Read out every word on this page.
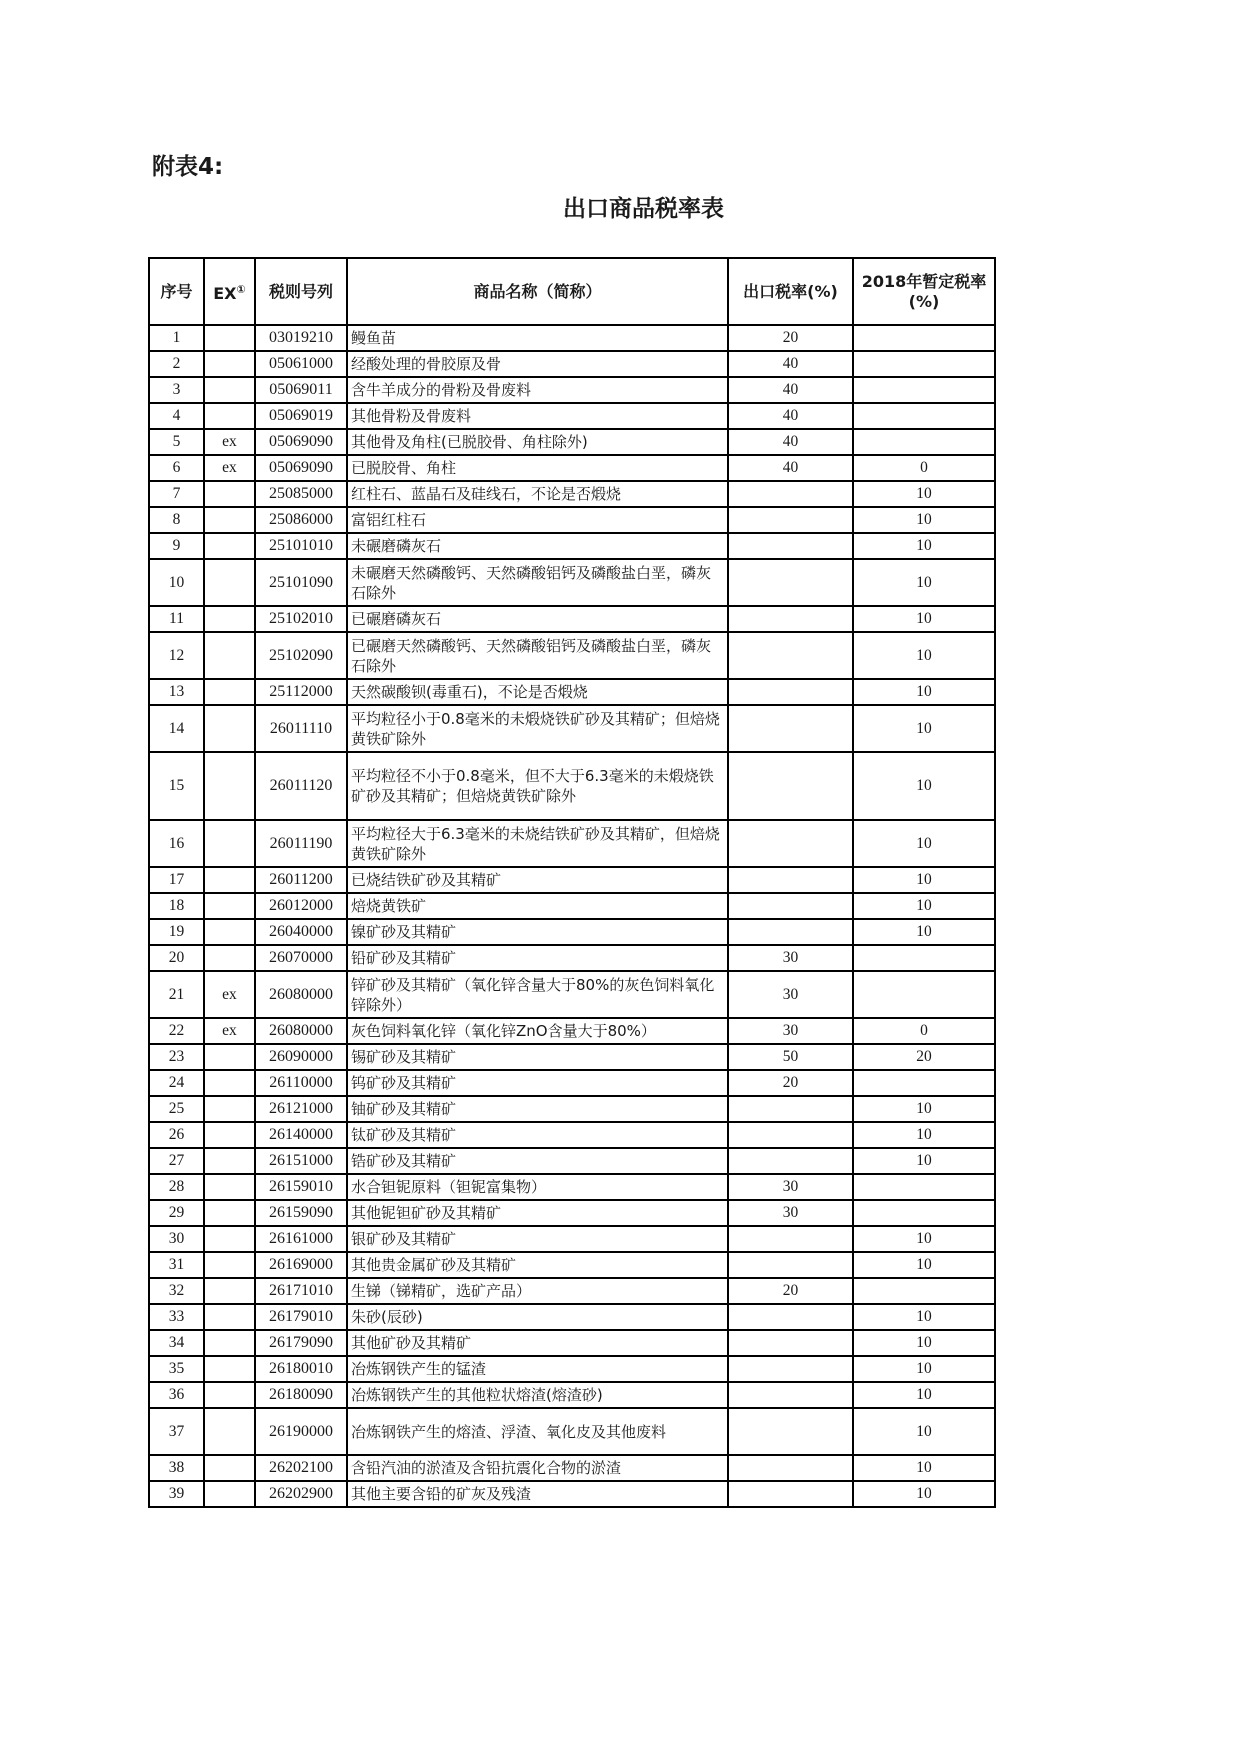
附表4:
出口商品税率表
序号	EX①	税则号列	商品名称（简称）	出口税率(%)	2018年暂定税率(%)
1		03019210	鳗鱼苗	20	
2		05061000	经酸处理的骨胶原及骨	40	
3		05069011	含牛羊成分的骨粉及骨废料	40	
4		05069019	其他骨粉及骨废料	40	
5	ex	05069090	其他骨及角柱(已脱胶骨、角柱除外)	40	
6	ex	05069090	已脱胶骨、角柱	40	0
7		25085000	红柱石、蓝晶石及硅线石，不论是否煅烧		10
8		25086000	富铝红柱石		10
9		25101010	未碾磨磷灰石		10
10		25101090	未碾磨天然磷酸钙、天然磷酸铝钙及磷酸盐白垩，磷灰石除外		10
11		25102010	已碾磨磷灰石		10
12		25102090	已碾磨天然磷酸钙、天然磷酸铝钙及磷酸盐白垩，磷灰石除外		10
13		25112000	天然碳酸钡(毒重石)，不论是否煅烧		10
14		26011110	平均粒径小于0.8毫米的未煅烧铁矿砂及其精矿；但焙烧黄铁矿除外		10
15		26011120	平均粒径不小于0.8毫米，但不大于6.3毫米的未煅烧铁矿砂及其精矿；但焙烧黄铁矿除外		10
16		26011190	平均粒径大于6.3毫米的未烧结铁矿砂及其精矿，但焙烧黄铁矿除外		10
17		26011200	已烧结铁矿砂及其精矿		10
18		26012000	焙烧黄铁矿		10
19		26040000	镍矿砂及其精矿		10
20		26070000	铅矿砂及其精矿	30	
21	ex	26080000	锌矿砂及其精矿（氧化锌含量大于80%的灰色饲料氧化锌除外）	30	
22	ex	26080000	灰色饲料氧化锌（氧化锌ZnO含量大于80%）	30	0
23		26090000	锡矿砂及其精矿	50	20
24		26110000	钨矿砂及其精矿	20	
25		26121000	铀矿砂及其精矿		10
26		26140000	钛矿砂及其精矿		10
27		26151000	锆矿砂及其精矿		10
28		26159010	水合钽铌原料（钽铌富集物）	30	
29		26159090	其他铌钽矿砂及其精矿	30	
30		26161000	银矿砂及其精矿		10
31		26169000	其他贵金属矿砂及其精矿		10
32		26171010	生锑（锑精矿，选矿产品）	20	
33		26179010	朱砂(辰砂)		10
34		26179090	其他矿砂及其精矿		10
35		26180010	冶炼钢铁产生的锰渣		10
36		26180090	冶炼钢铁产生的其他粒状熔渣(熔渣砂)		10
37		26190000	冶炼钢铁产生的熔渣、浮渣、氧化皮及其他废料		10
38		26202100	含铅汽油的淤渣及含铅抗震化合物的淤渣		10
39		26202900	其他主要含铅的矿灰及残渣		10
